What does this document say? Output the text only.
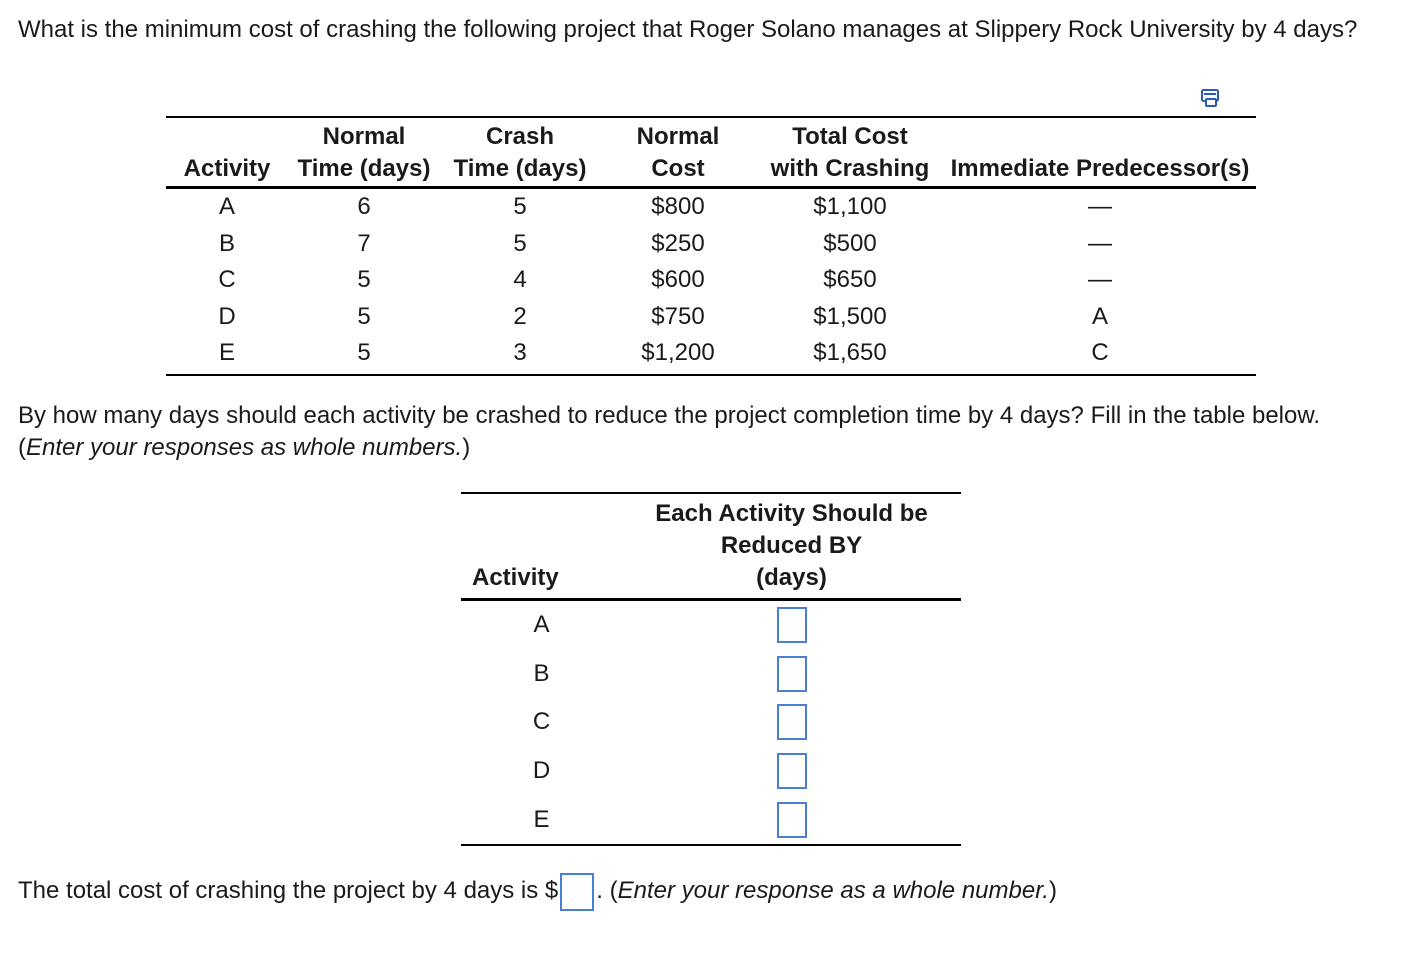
What is the minimum cost of crashing the following project that Roger Solano manages at Slippery Rock University by 4 days?
	Normal	Crash	Normal	Total Cost	
Activity	Time (days)	Time (days)	Cost	with Crashing	Immediate Predecessor(s)
A	6	5	$800	$1,100	—
B	7	5	$250	$500	—
C	5	4	$600	$650	—
D	5	2	$750	$1,500	A
E	5	3	$1,200	$1,650	C
By how many days should each activity be crashed to reduce the project completion time by 4 days? Fill in the table below. (Enter your responses as whole numbers.)
Activity	Each Activity Should be
Reduced BY
(days)

A	
B	
C	
D	
E	
The total cost of crashing the project by 4 days is $ . (Enter your response as a whole number.)
